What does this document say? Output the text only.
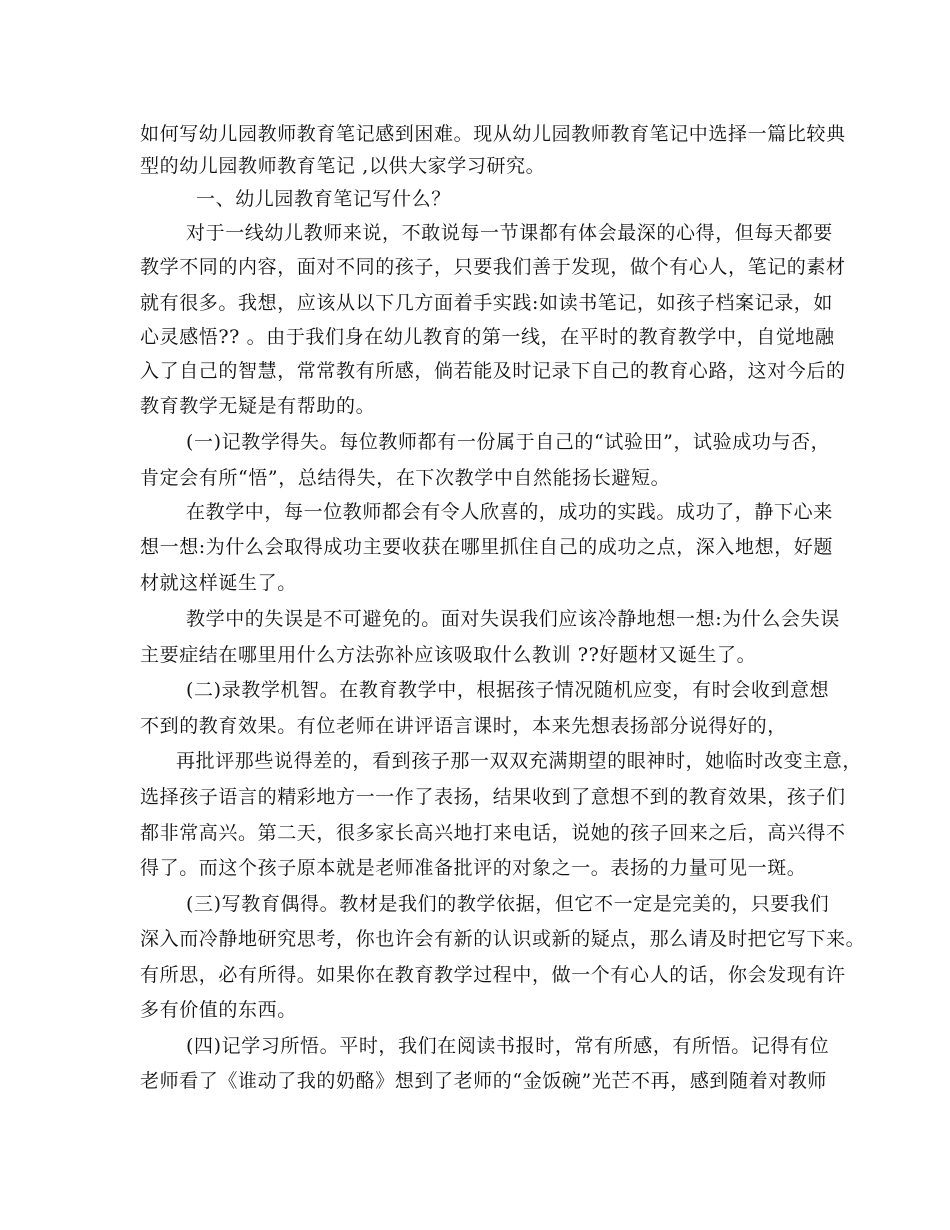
如何写幼儿园教师教育笔记感到困难。现从幼儿园教师教育笔记中选择一篇比较典
型的幼儿园教师教育笔记 ,以供大家学习研究。
一、幼儿园教育笔记写什么？
对于一线幼儿教师来说，不敢说每一节课都有体会最深的心得，但每天都要
教学不同的内容，面对不同的孩子，只要我们善于发现，做个有心人，笔记的素材
就有很多。我想，应该从以下几方面着手实践:如读书笔记，如孩子档案记录，如
心灵感悟?? 。由于我们身在幼儿教育的第一线，在平时的教育教学中，自觉地融
入了自己的智慧，常常教有所感，倘若能及时记录下自己的教育心路，这对今后的
教育教学无疑是有帮助的。
(一)记教学得失。每位教师都有一份属于自己的“试验田”，试验成功与否，
肯定会有所“悟”，总结得失，在下次教学中自然能扬长避短。
在教学中，每一位教师都会有令人欣喜的，成功的实践。成功了，静下心来
想一想:为什么会取得成功主要收获在哪里抓住自己的成功之点，深入地想，好题
材就这样诞生了。
教学中的失误是不可避免的。面对失误我们应该冷静地想一想:为什么会失误
主要症结在哪里用什么方法弥补应该吸取什么教训 ??好题材又诞生了。
(二)录教学机智。在教育教学中，根据孩子情况随机应变，有时会收到意想
不到的教育效果。有位老师在讲评语言课时，本来先想表扬部分说得好的，
再批评那些说得差的，看到孩子那一双双充满期望的眼神时，她临时改变主意，
选择孩子语言的精彩地方一一作了表扬，结果收到了意想不到的教育效果，孩子们
都非常高兴。第二天，很多家长高兴地打来电话，说她的孩子回来之后，高兴得不
得了。而这个孩子原本就是老师准备批评的对象之一。表扬的力量可见一斑。
(三)写教育偶得。教材是我们的教学依据，但它不一定是完美的，只要我们
深入而冷静地研究思考，你也许会有新的认识或新的疑点，那么请及时把它写下来。
有所思，必有所得。如果你在教育教学过程中，做一个有心人的话，你会发现有许
多有价值的东西。
(四)记学习所悟。平时，我们在阅读书报时，常有所感，有所悟。记得有位
老师看了《谁动了我的奶酪》想到了老师的“金饭碗”光芒不再，感到随着对教师
